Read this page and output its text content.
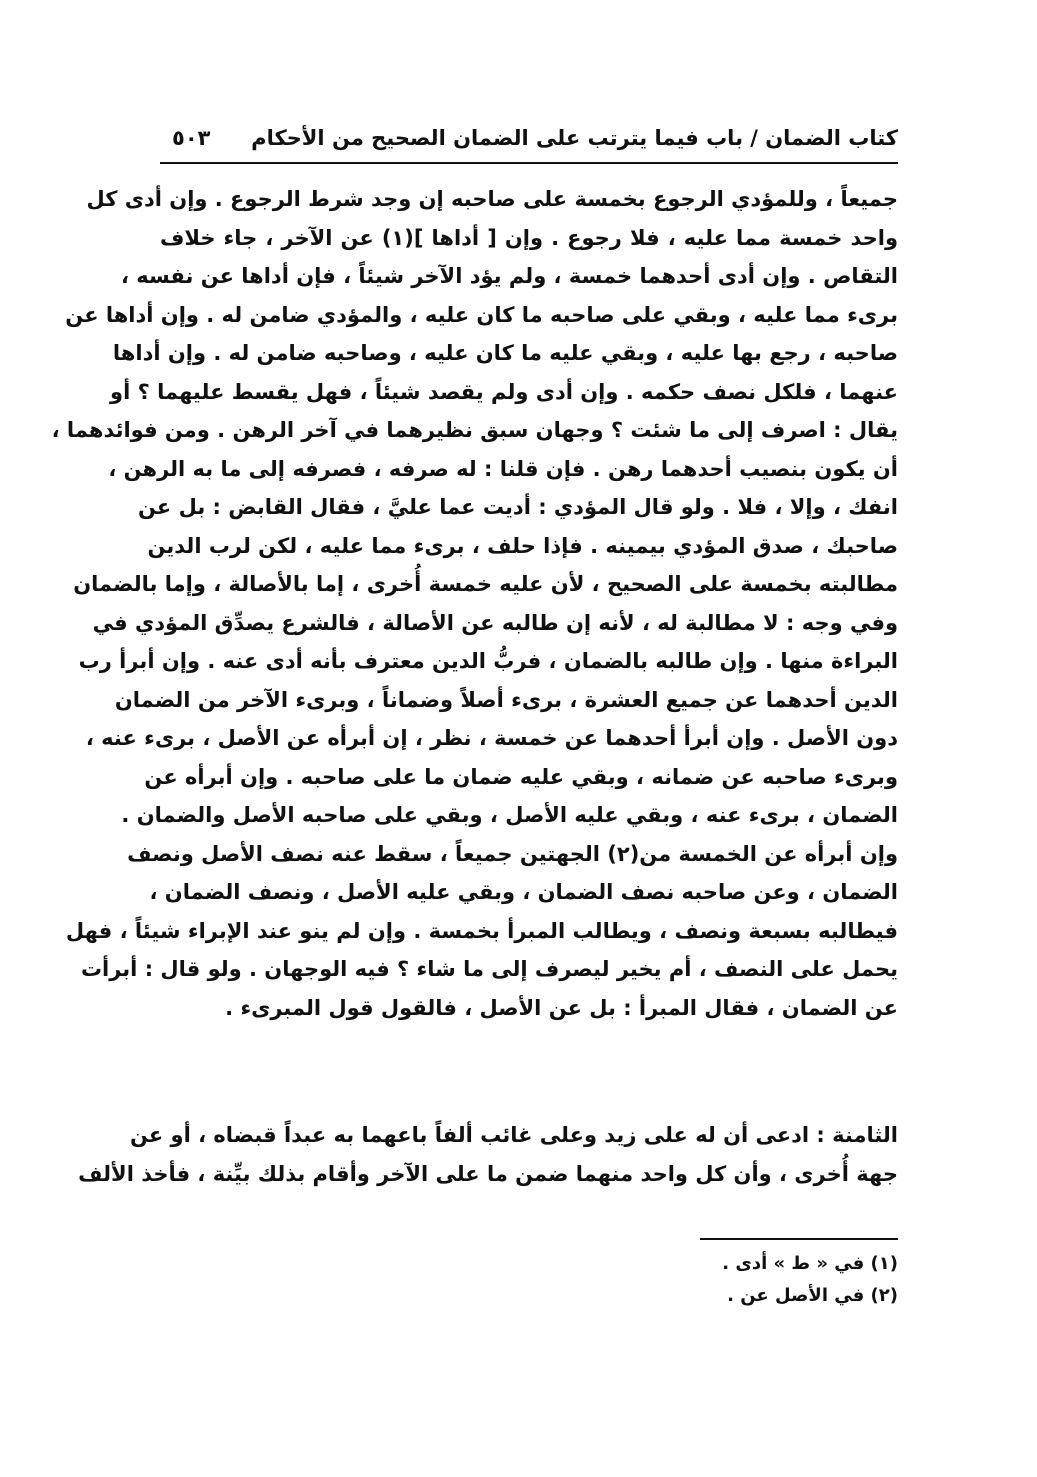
كتاب الضمان / باب فيما يترتب على الضمان الصحيح من الأحكام
٥٠٣
جميعاً ، وللمؤدي الرجوع بخمسة على صاحبه إن وجد شرط الرجوع . وإن أدى كل
واحد خمسة مما عليه ، فلا رجوع . وإن [ أداها ](١) عن الآخر ، جاء خلاف
التقاص . وإن أدى أحدهما خمسة ، ولم يؤد الآخر شيئاً ، فإن أداها عن نفسه ،
برىء مما عليه ، وبقي على صاحبه ما كان عليه ، والمؤدي ضامن له . وإن أداها عن
صاحبه ، رجع بها عليه ، وبقي عليه ما كان عليه ، وصاحبه ضامن له . وإن أداها
عنهما ، فلكل نصف حكمه . وإن أدى ولم يقصد شيئاً ، فهل يقسط عليهما ؟ أو
يقال : اصرف إلى ما شئت ؟ وجهان سبق نظيرهما في آخر الرهن . ومن فوائدهما ،
أن يكون بنصيب أحدهما رهن . فإن قلنا : له صرفه ، فصرفه إلى ما به الرهن ،
انفك ، وإلا ، فلا . ولو قال المؤدي : أديت عما عليَّ ، فقال القابض : بل عن
صاحبك ، صدق المؤدي بيمينه . فإذا حلف ، برىء مما عليه ، لكن لرب الدين
مطالبته بخمسة على الصحيح ، لأن عليه خمسة أُخرى ، إما بالأصالة ، وإما بالضمان
وفي وجه : لا مطالبة له ، لأنه إن طالبه عن الأصالة ، فالشرع يصدِّق المؤدي في
البراءة منها . وإن طالبه بالضمان ، فربُّ الدين معترف بأنه أدى عنه . وإن أبرأ رب
الدين أحدهما عن جميع العشرة ، برىء أصلاً وضماناً ، وبرىء الآخر من الضمان
دون الأصل . وإن أبرأ أحدهما عن خمسة ، نظر ، إن أبرأه عن الأصل ، برىء عنه ،
وبرىء صاحبه عن ضمانه ، وبقي عليه ضمان ما على صاحبه . وإن أبرأه عن
الضمان ، برىء عنه ، وبقي عليه الأصل ، وبقي على صاحبه الأصل والضمان .
وإن أبرأه عن الخمسة من(٢) الجهتين جميعاً ، سقط عنه نصف الأصل ونصف
الضمان ، وعن صاحبه نصف الضمان ، وبقي عليه الأصل ، ونصف الضمان ،
فيطالبه بسبعة ونصف ، ويطالب المبرأ بخمسة . وإن لم ينو عند الإبراء شيئاً ، فهل
يحمل على النصف ، أم يخير ليصرف إلى ما شاء ؟ فيه الوجهان . ولو قال : أبرأت
عن الضمان ، فقال المبرأ : بل عن الأصل ، فالقول قول المبرىء .
الثامنة : ادعى أن له على زيد وعلى غائب ألفاً باعهما به عبداً قبضاه ، أو عن
جهة أُخرى ، وأن كل واحد منهما ضمن ما على الآخر وأقام بذلك بيِّنة ، فأخذ الألف
(١) في « ط » أدى .
(٢) في الأصل عن .
